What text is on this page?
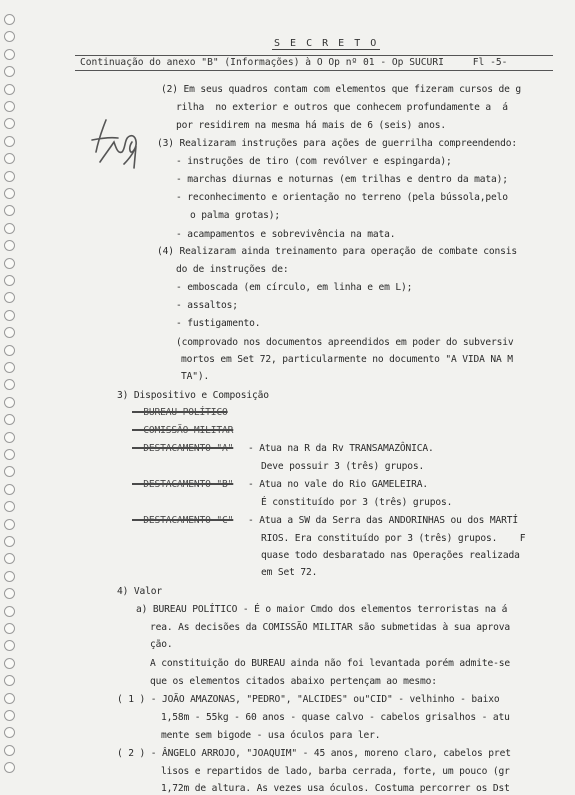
S E C R E T O
Continuação do anexo "B" (Informações) à O Op nº 01 - Op SUCURI     Fl -5-
(2) Em seus quadros contam com elementos que fizeram cursos de g
rilha  no exterior e outros que conhecem profundamente a  á
por residirem na mesma há mais de 6 (seis) anos.
(3) Realizaram instruções para ações de guerrilha compreendendo:
- instruções de tiro (com revólver e espingarda);
- marchas diurnas e noturnas (em trilhas e dentro da mata);
- reconhecimento e orientação no terreno (pela bússola,pelo
o palma grotas);
- acampamentos e sobrevivência na mata.
(4) Realizaram ainda treinamento para operação de combate consis
do de instruções de:
- emboscada (em círculo, em linha e em L);
- assaltos;
- fustigamento.
(comprovado nos documentos apreendidos em poder do subversiv
mortos em Set 72, particularmente no documento "A VIDA NA M
TA").
3) Dispositivo e Composição
- BUREAU POLÍTICO
- COMISSÃO MILITAR
- DESTACAMENTO "A" - Atua na R da Rv TRANSAMAZÔNICA.
Deve possuir 3 (três) grupos.
- DESTACAMENTO "B" - Atua no vale do Rio GAMELEIRA.
É constituído por 3 (três) grupos.
- DESTACAMENTO "C" - Atua a SW da Serra das ANDORINHAS ou dos MARTÍ
RIOS. Era constituído por 3 (três) grupos.    F
quase todo desbaratado nas Operações realizada
em Set 72.
4) Valor
a) BUREAU POLÍTICO - É o maior Cmdo dos elementos terroristas na á
rea. As decisões da COMISSÃO MILITAR são submetidas à sua aprova
ção.
A constituição do BUREAU ainda não foi levantada porém admite-se
que os elementos citados abaixo pertençam ao mesmo:
( 1 ) - JOÃO AMAZONAS, "PEDRO", "ALCIDES" ou"CID" - velhinho - baixo
1,58m - 55kg - 60 anos - quase calvo - cabelos grisalhos - atu
mente sem bigode - usa óculos para ler.
( 2 ) - ÂNGELO ARROJO, "JOAQUIM" - 45 anos, moreno claro, cabelos pret
lisos e repartidos de lado, barba cerrada, forte, um pouco (gr
1,72m de altura. As vezes usa óculos. Costuma percorrer os Dst
